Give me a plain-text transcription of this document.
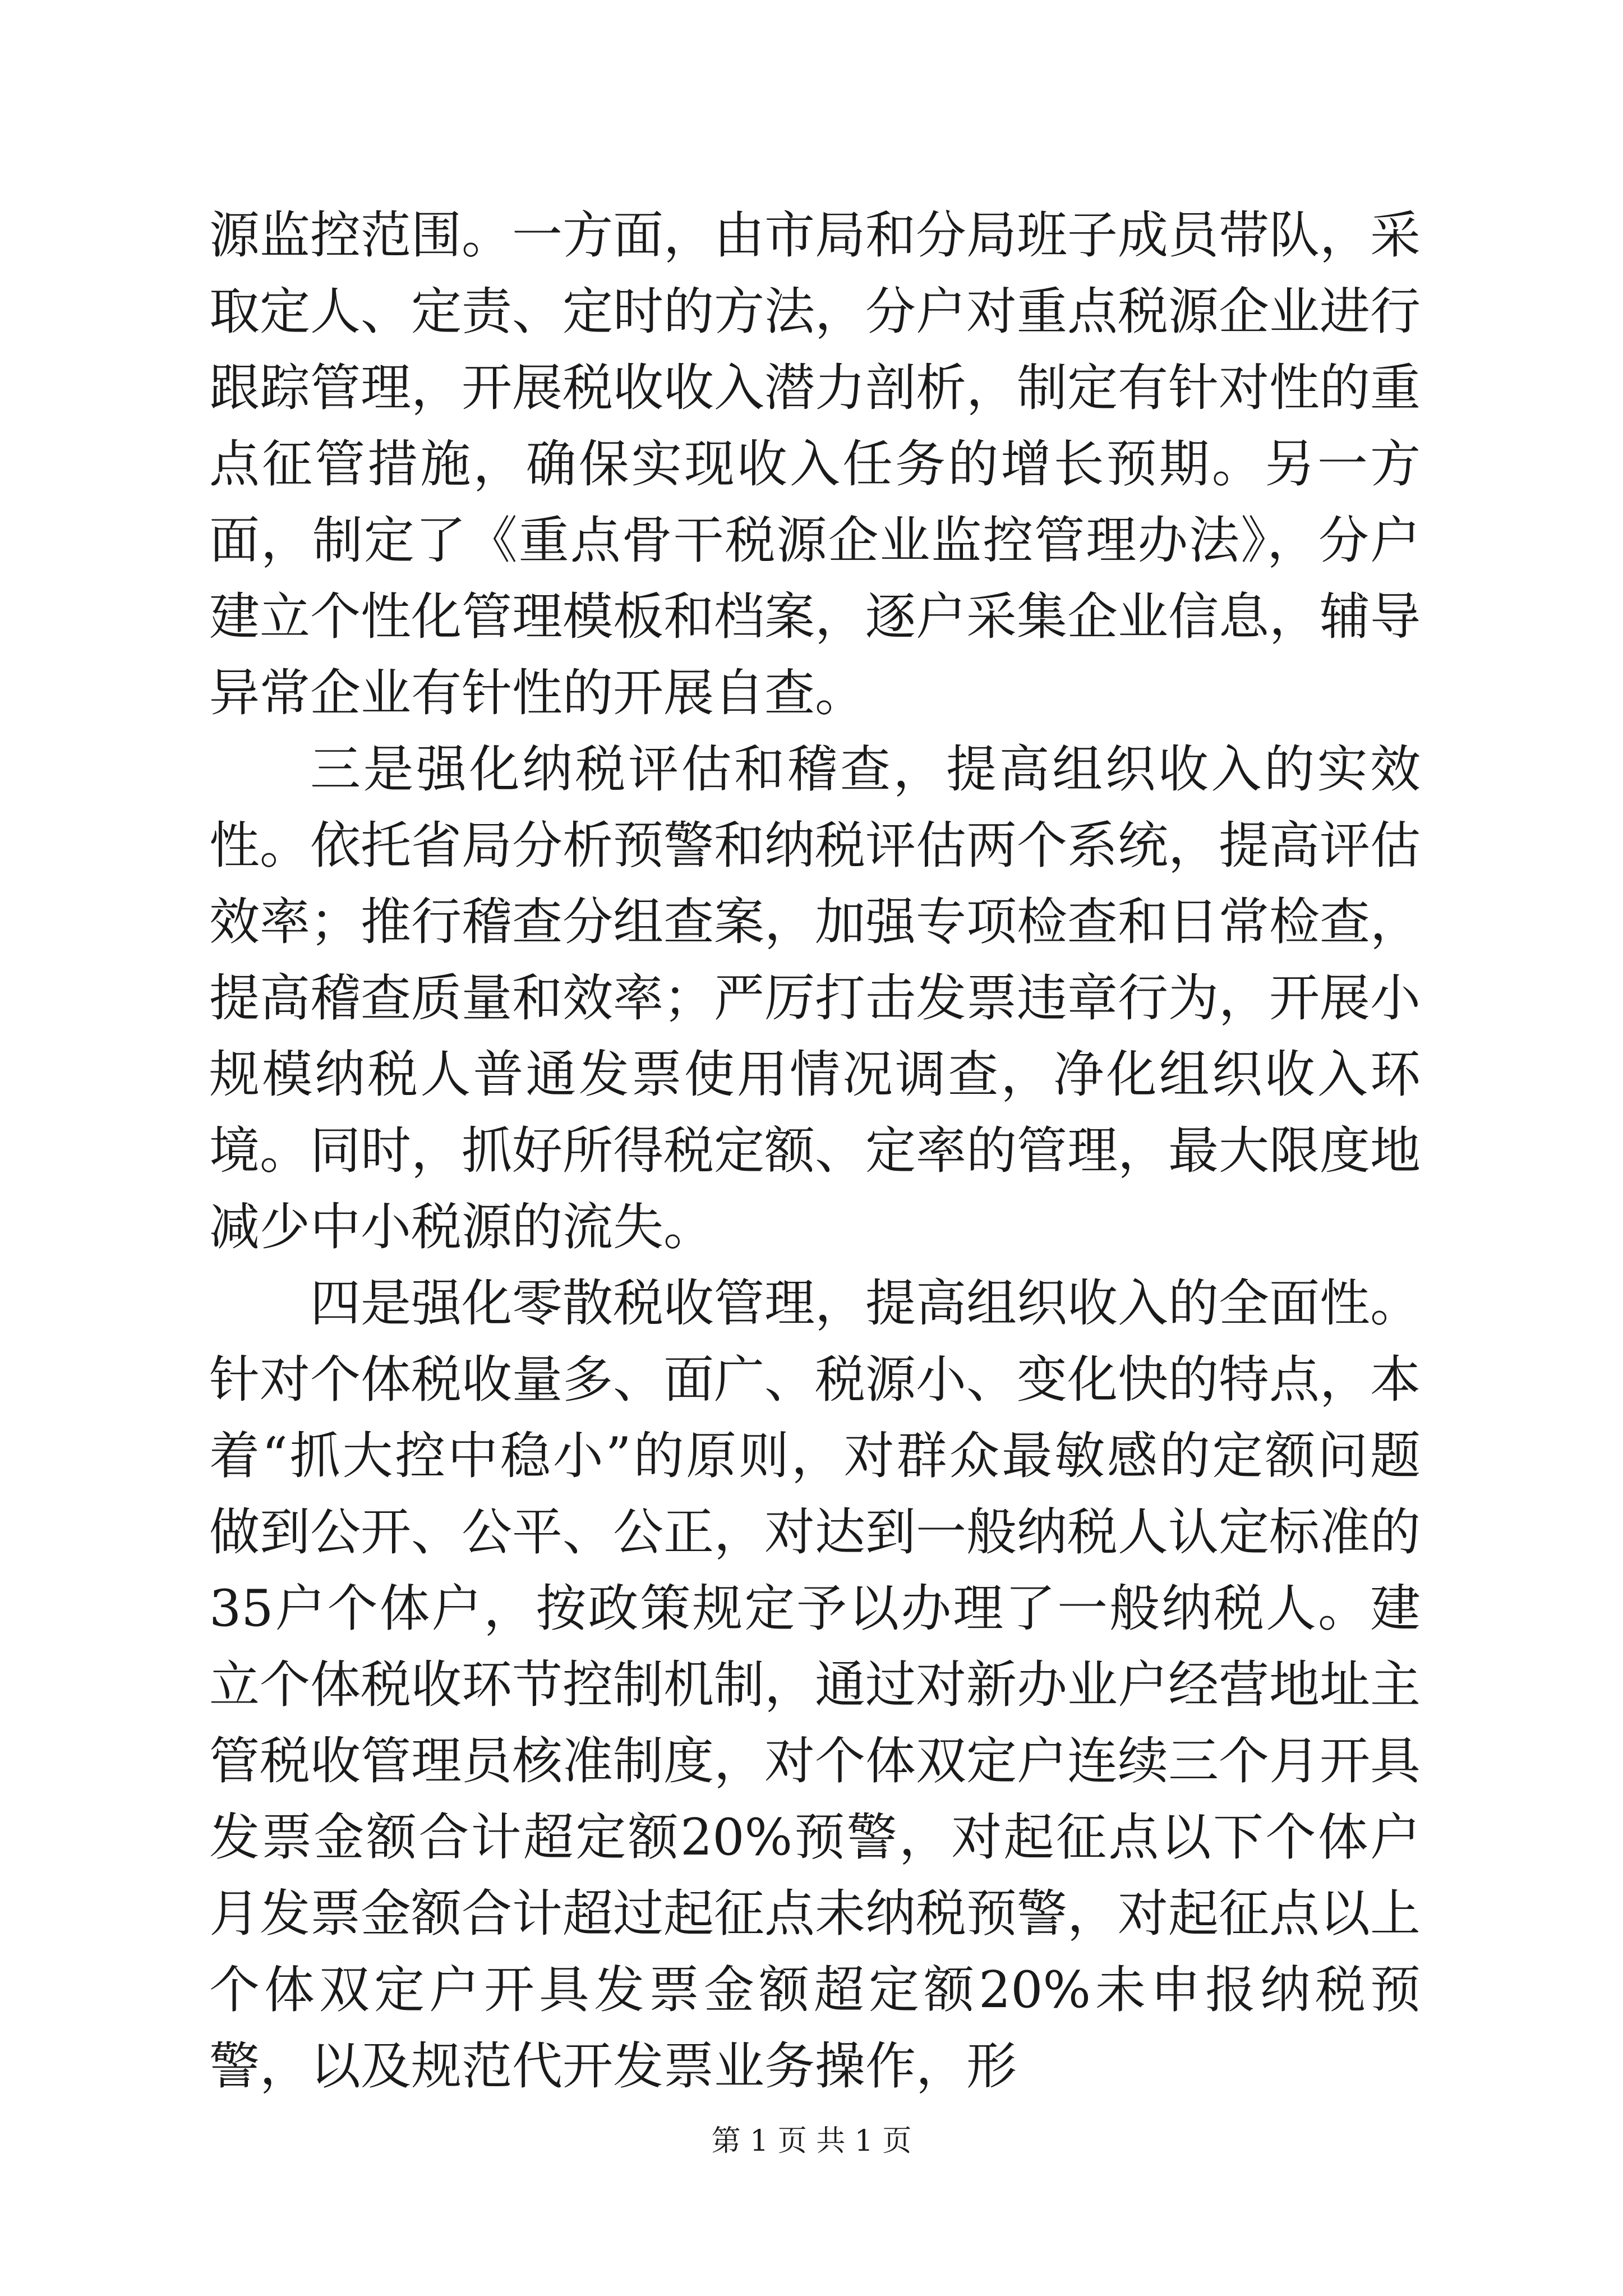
源监控范围。一方面，由市局和分局班子成员带队，采取定人、定责、定时的方法，分户对重点税源企业进行跟踪管理，开展税收收入潜力剖析，制定有针对性的重点征管措施，确保实现收入任务的增长预期。另一方面，制定了《重点骨干税源企业监控管理办法》，分户建立个性化管理模板和档案，逐户采集企业信息，辅导异常企业有针性的开展自查。

三是强化纳税评估和稽查，提高组织收入的实效性。依托省局分析预警和纳税评估两个系统，提高评估效率；推行稽查分组查案，加强专项检查和日常检查，提高稽查质量和效率；严厉打击发票违章行为，开展小规模纳税人普通发票使用情况调查，净化组织收入环境。同时，抓好所得税定额、定率的管理，最大限度地减少中小税源的流失。

四是强化零散税收管理，提高组织收入的全面性。针对个体税收量多、面广、税源小、变化快的特点，本着“抓大控中稳小”的原则，对群众最敏感的定额问题做到公开、公平、公正，对达到一般纳税人认定标准的35户个体户，按政策规定予以办理了一般纳税人。建立个体税收环节控制机制，通过对新办业户经营地址主管税收管理员核准制度，对个体双定户连续三个月开具发票金额合计超定额20%预警，对起征点以下个体户月发票金额合计超过起征点未纳税预警，对起征点以上个体双定户开具发票金额超定额20%未申报纳税预警，以及规范代开发票业务操作，形

第 1 页 共 1 页
